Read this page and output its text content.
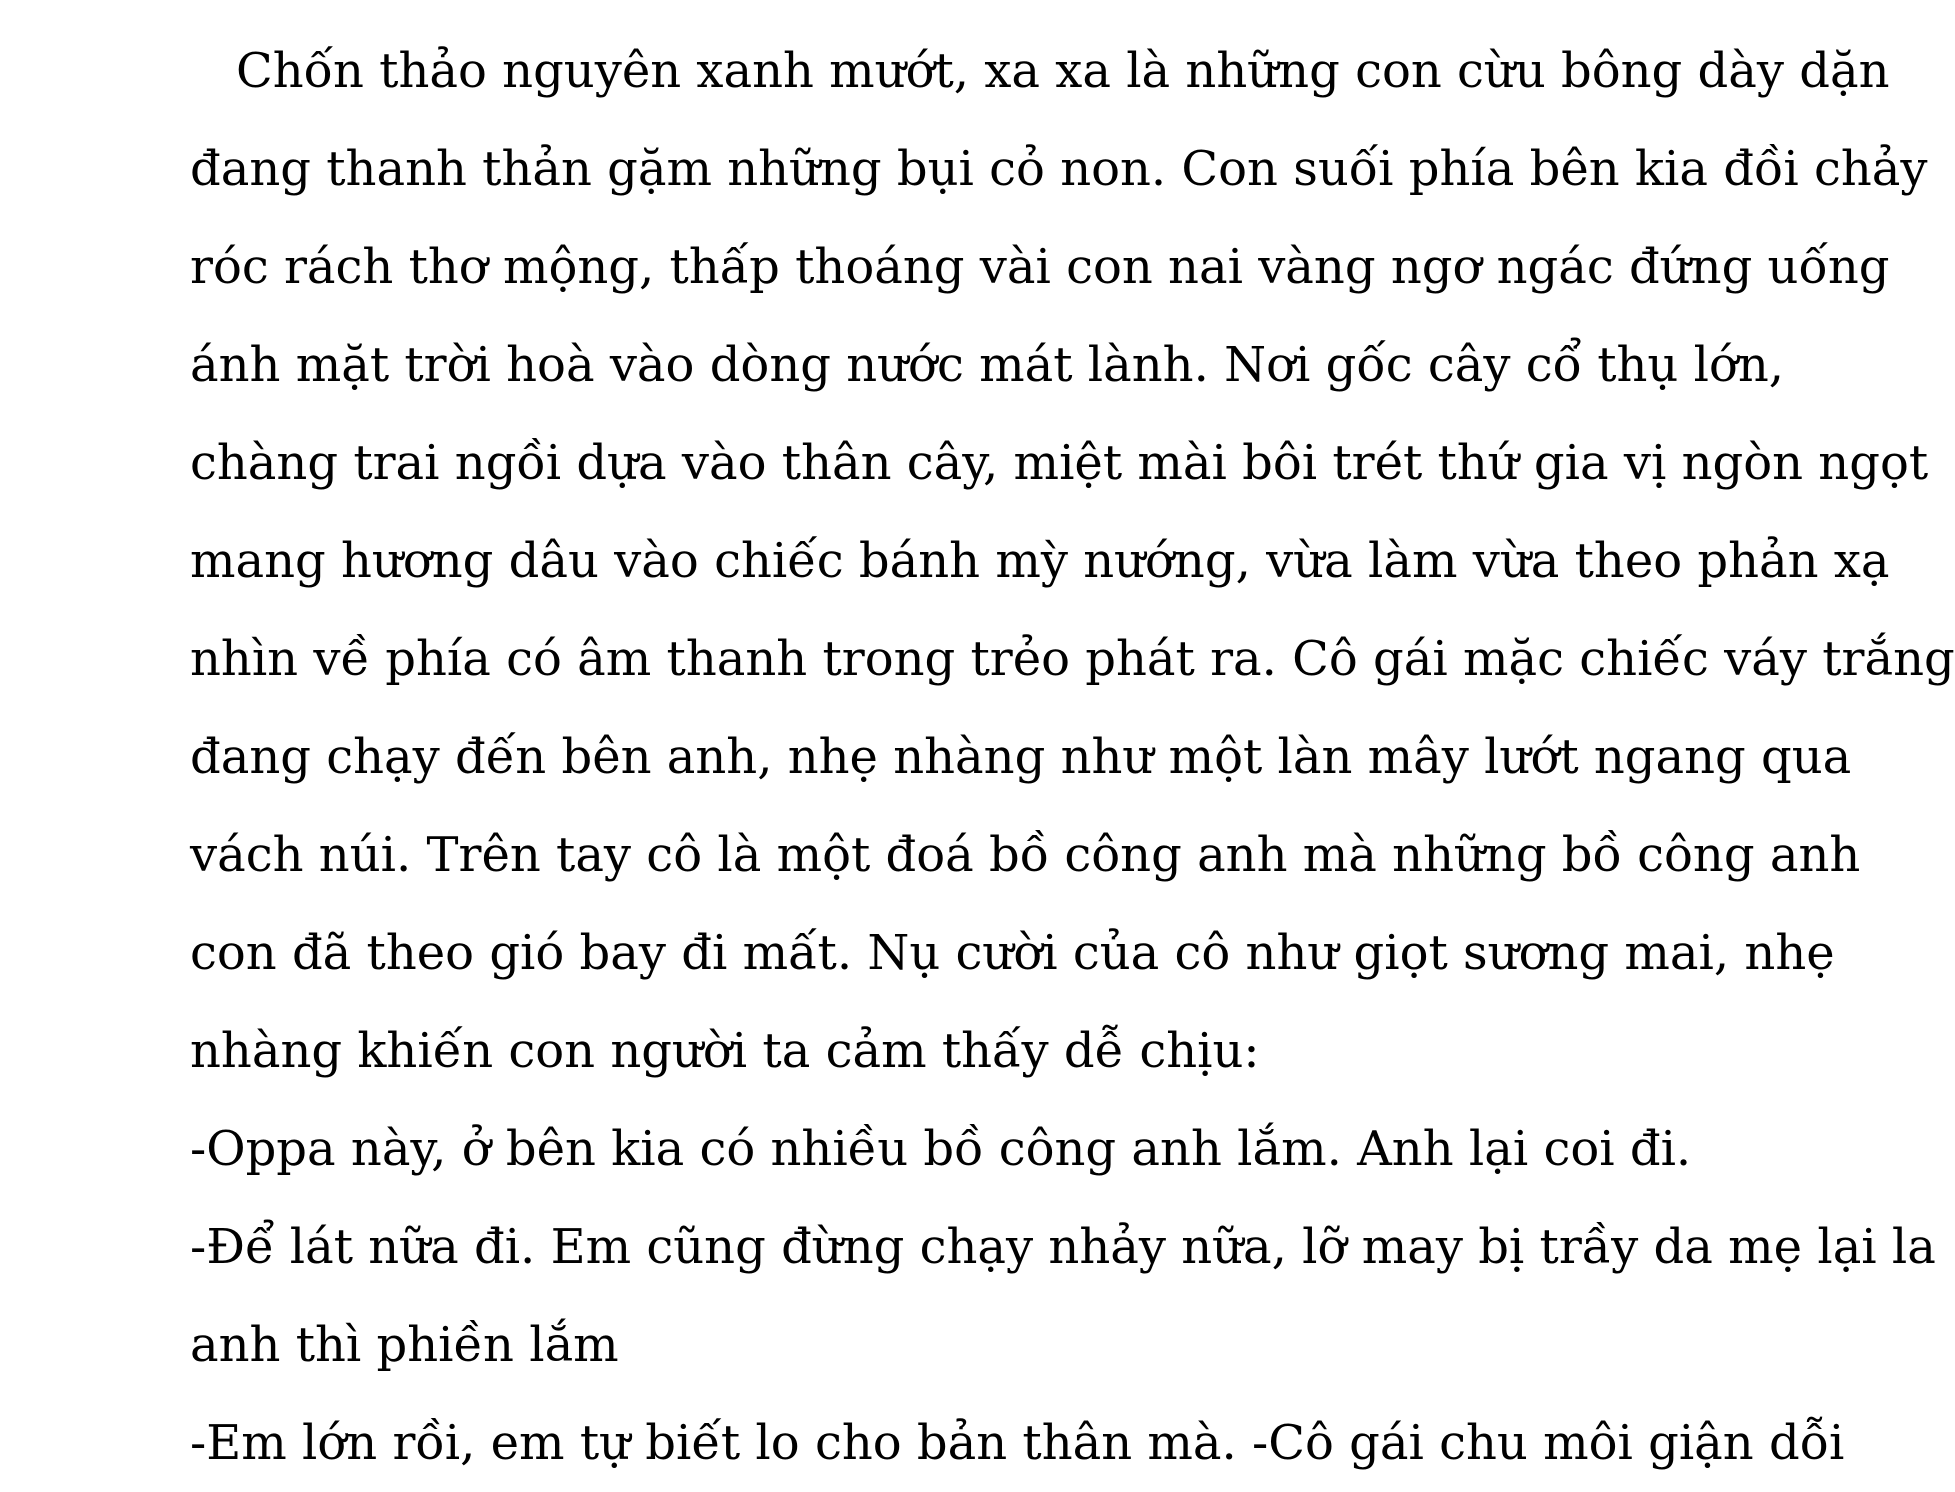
Chốn thảo nguyên xanh mướt, xa xa là những con cừu bông dày dặn
đang thanh thản gặm những bụi cỏ non. Con suối phía bên kia đồi chảy
róc rách thơ mộng, thấp thoáng vài con nai vàng ngơ ngác đứng uống
ánh mặt trời hoà vào dòng nước mát lành. Nơi gốc cây cổ thụ lớn,
chàng trai ngồi dựa vào thân cây, miệt mài bôi trét thứ gia vị ngòn ngọt
mang hương dâu vào chiếc bánh mỳ nướng, vừa làm vừa theo phản xạ
nhìn về phía có âm thanh trong trẻo phát ra. Cô gái mặc chiếc váy trắng
đang chạy đến bên anh, nhẹ nhàng như một làn mây lướt ngang qua
vách núi. Trên tay cô là một đoá bồ công anh mà những bồ công anh
con đã theo gió bay đi mất. Nụ cười của cô như giọt sương mai, nhẹ
nhàng khiến con người ta cảm thấy dễ chịu:
-Oppa này, ở bên kia có nhiều bồ công anh lắm. Anh lại coi đi.
-Để lát nữa đi. Em cũng đừng chạy nhảy nữa, lỡ may bị trầy da mẹ lại la
anh thì phiền lắm
-Em lớn rồi, em tự biết lo cho bản thân mà. -Cô gái chu môi giận dỗi
